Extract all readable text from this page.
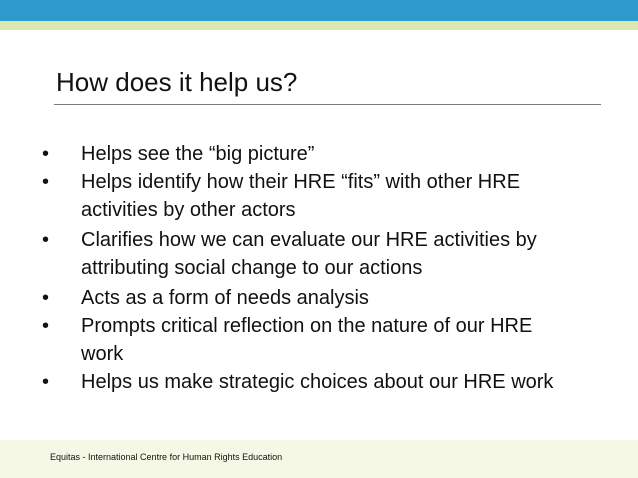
How does it help us?
• Helps see the “big picture”
• Helps identify how their HRE “fits” with other HRE
activities by other actors
• Clarifies how we can evaluate our HRE activities by
attributing social change to our actions
• Acts as a form of needs analysis
• Prompts critical reflection on the nature of our HRE
work
• Helps us make strategic choices about our HRE work
Equitas - International Centre for Human Rights Education
